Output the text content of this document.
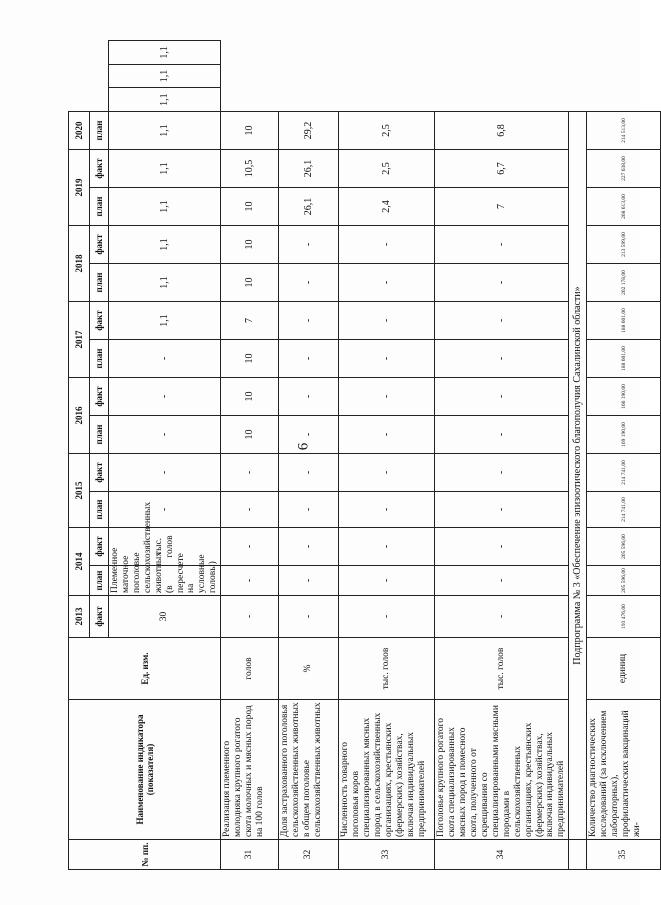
6
№ пп.	Наименование индикатора (показателя)	Ед. изм.	2013	2014		2015		2016		2017		2018		2019		2020			
			факт	план	факт	план	факт	план	факт	план	факт	план	факт	план	факт	план			
			30	Племенное маточное поголовье сельскохозяйственных животных (в пересчете на условные головы)	тыс. голов	-	-	-	-	-	1,1	1,1	1,1	1,1	1,1	1,1	1,1	1,1	1,1
31	Реализация племенного молодняка крупного рогатого скота молочных и мясных пород на 100 голов	голов	-	-	-	-	-	10	10	10	7	10	10	10	10,5	10			
32	Доля застрахованного поголовья сельскохозяйственных животных в общем поголовье сельскохозяйственных животных	%	-	-	-	-	-	-	-	-	-	-	-	26,1	26,1	29,2			
33	Численность товарного поголовья коров специализированных мясных пород в сельскохозяйственных организациях, крестьянских (фермерских) хозяйствах, включая индивидуальных предпринимателей	тыс. голов	-	-	-	-	-	-	-	-	-	-	-	2,4	2,5	2,5			
34	Поголовье крупного рогатого скота специализированных мясных пород и помесного скота, полученного от скрещивания со специализированными мясными породами в сельскохозяйственных организациях, крестьянских (фермерских) хозяйствах, включая индивидуальных предпринимателей	тыс. голов	-	-	-	-	-	-	-	-	-	-	-	7	6,7	6,8			
	Подпрограмма № 3 «Обеспечение эпизоотического благополучия Сахалинской области»																		
35	Количество диагностических исследований (за исключением лабораторных), профилактических вакцинаций жи-	единиц	193 476,00	205 596,00	205 596,00	214 741,00	214 741,00	169 190,00	166 190,00	188 601,00	188 601,00	202 178,00	213 599,00	208 613,00	227 638,00	214 513,00			
